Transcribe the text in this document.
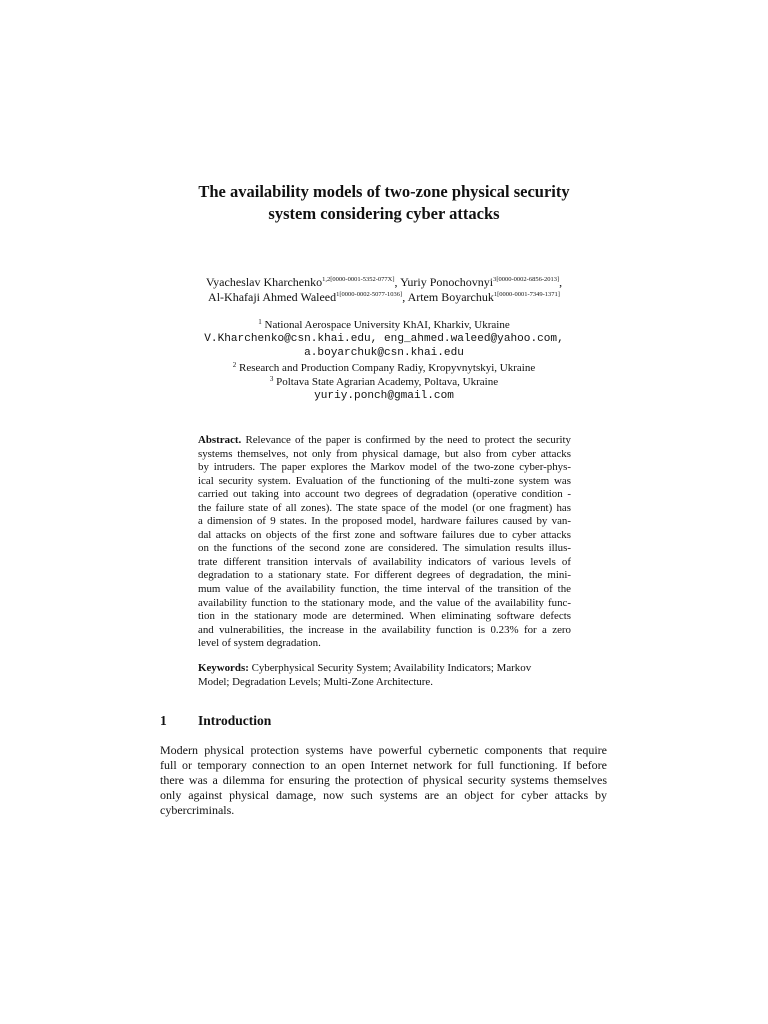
The availability models of two-zone physical security
system considering cyber attacks
Vyacheslav Kharchenko$^{1,2[0000-0001-5352-077X]}$, Yuriy Ponochovnyi$^{3[0000-0002-6856-2013]}$,
Al-Khafaji Ahmed Waleed$^{1[0000-0002-5077-1036]}$, Artem Boyarchuk$^{1[0000-0001-7349-1371]}$
$^1$ National Aerospace University KhAI, Kharkiv, Ukraine
V.Kharchenko@csn.khai.edu, eng_ahmed.waleed@yahoo.com,
a.boyarchuk@csn.khai.edu
$^2$ Research and Production Company Radiy, Kropyvnytskyi, Ukraine
$^3$ Poltava State Agrarian Academy, Poltava, Ukraine
yuriy.ponch@gmail.com
Abstract. Relevance of the paper is confirmed by the need to protect the security
systems themselves, not only from physical damage, but also from cyber attacks
by intruders. The paper explores the Markov model of the two-zone cyber-phys-
ical security system. Evaluation of the functioning of the multi-zone system was
carried out taking into account two degrees of degradation (operative condition -
the failure state of all zones). The state space of the model (or one fragment) has
a dimension of 9 states. In the proposed model, hardware failures caused by van-
dal attacks on objects of the first zone and software failures due to cyber attacks
on the functions of the second zone are considered. The simulation results illus-
trate different transition intervals of availability indicators of various levels of
degradation to a stationary state. For different degrees of degradation, the mini-
mum value of the availability function, the time interval of the transition of the
availability function to the stationary mode, and the value of the availability func-
tion in the stationary mode are determined. When eliminating software defects
and vulnerabilities, the increase in the availability function is 0.23% for a zero
level of system degradation.
Keywords: Cyberphysical Security System; Availability Indicators; Markov
Model; Degradation Levels; Multi-Zone Architecture.
1 Introduction
Modern physical protection systems have powerful cybernetic components that require
full or temporary connection to an open Internet network for full functioning. If before
there was a dilemma for ensuring the protection of physical security systems themselves
only against physical damage, now such systems are an object for cyber attacks by
cybercriminals.
